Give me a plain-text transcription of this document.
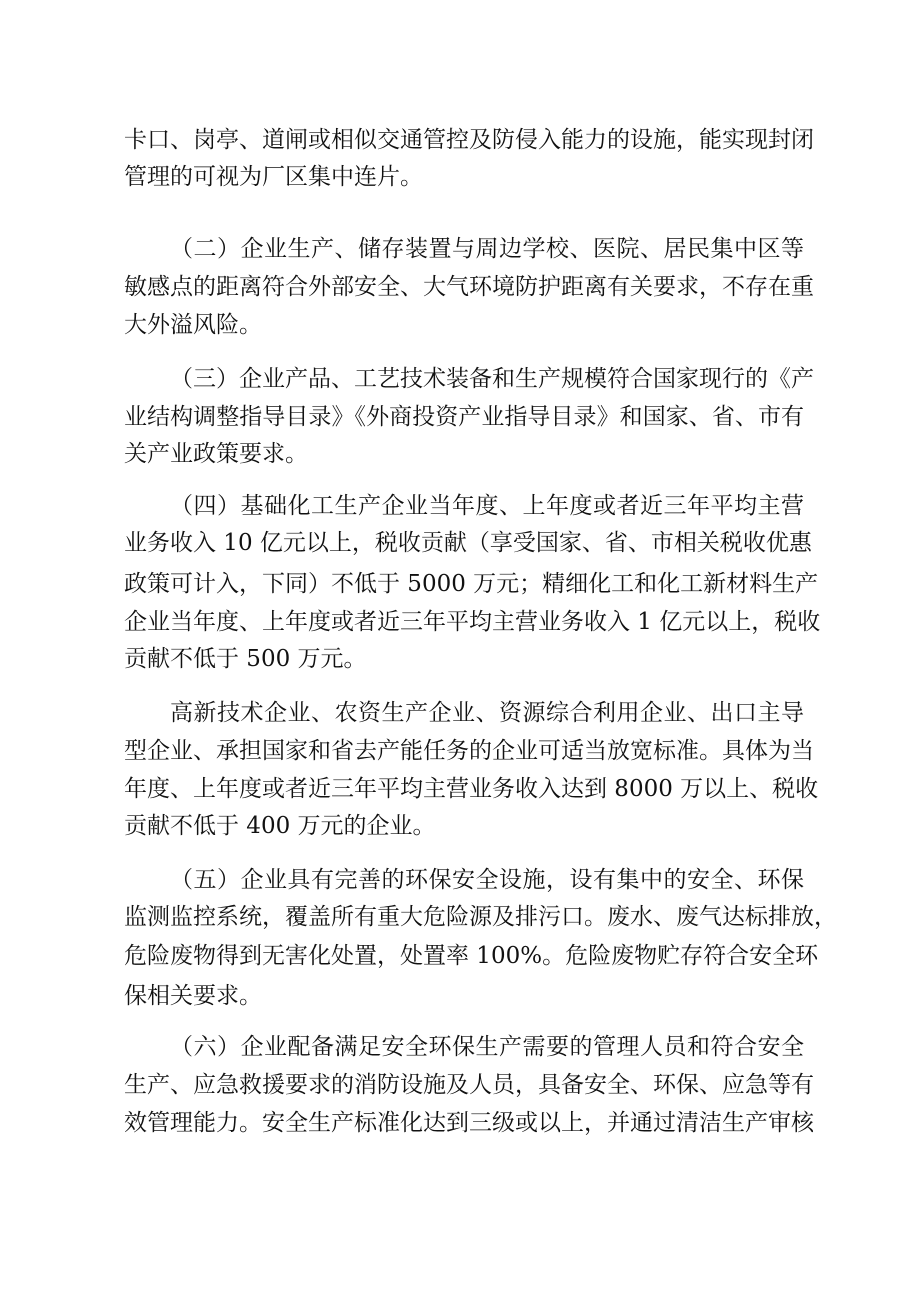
卡口、岗亭、道闸或相似交通管控及防侵入能力的设施，能实现封闭
管理的可视为厂区集中连片。
（二）企业生产、储存装置与周边学校、医院、居民集中区等
敏感点的距离符合外部安全、大气环境防护距离有关要求，不存在重
大外溢风险。
（三）企业产品、工艺技术装备和生产规模符合国家现行的《产
业结构调整指导目录》《外商投资产业指导目录》和国家、省、市有
关产业政策要求。
（四）基础化工生产企业当年度、上年度或者近三年平均主营
业务收入 10 亿元以上，税收贡献（享受国家、省、市相关税收优惠
政策可计入，下同）不低于 5000 万元；精细化工和化工新材料生产
企业当年度、上年度或者近三年平均主营业务收入 1 亿元以上，税收
贡献不低于 500 万元。
高新技术企业、农资生产企业、资源综合利用企业、出口主导
型企业、承担国家和省去产能任务的企业可适当放宽标准。具体为当
年度、上年度或者近三年平均主营业务收入达到 8000 万以上、税收
贡献不低于 400 万元的企业。
（五）企业具有完善的环保安全设施，设有集中的安全、环保
监测监控系统，覆盖所有重大危险源及排污口。废水、废气达标排放，
危险废物得到无害化处置，处置率 100%。危险废物贮存符合安全环
保相关要求。
（六）企业配备满足安全环保生产需要的管理人员和符合安全
生产、应急救援要求的消防设施及人员，具备安全、环保、应急等有
效管理能力。安全生产标准化达到三级或以上，并通过清洁生产审核
